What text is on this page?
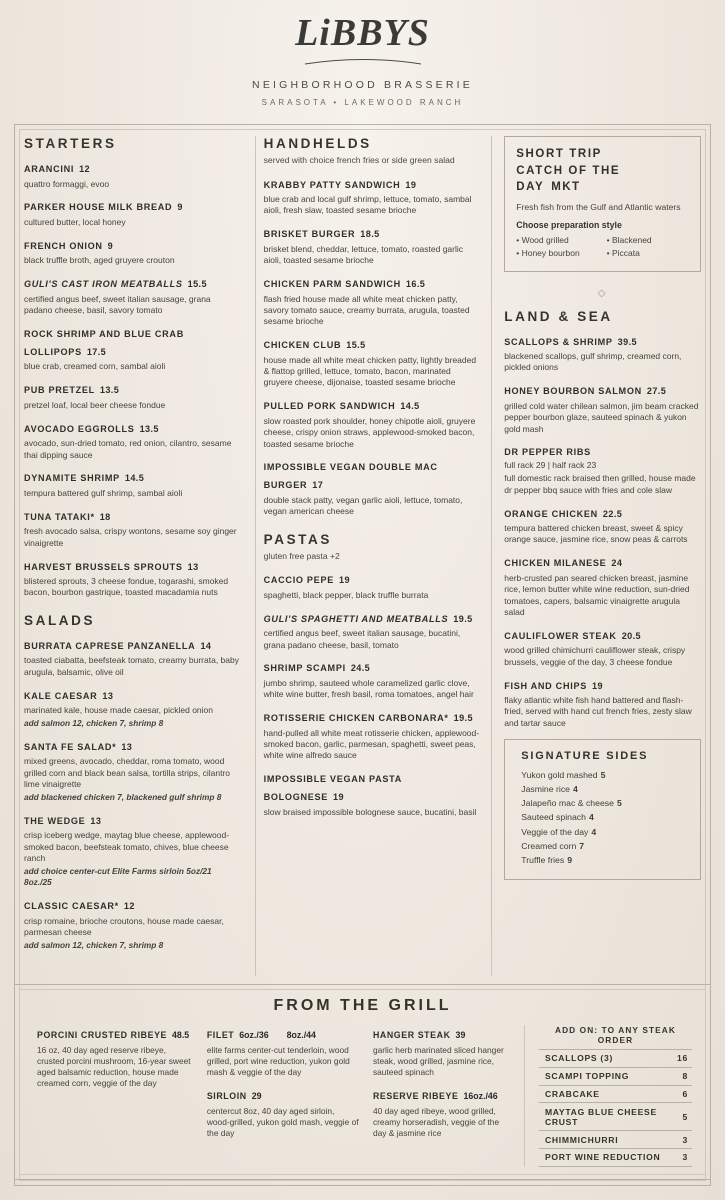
LiBBYS
NEIGHBORHOOD BRASSERIE
SARASOTA • LAKEWOOD RANCH
STARTERS
ARANCINI 12
quattro formaggi, evoo
PARKER HOUSE MILK BREAD 9
cultured butter, local honey
FRENCH ONION 9
black truffle broth, aged gruyere crouton
GULI'S CAST IRON MEATBALLS 15.5
certified angus beef, sweet italian sausage, grana padano cheese, basil, savory tomato
ROCK SHRIMP AND BLUE CRAB LOLLIPOPS 17.5
blue crab, creamed corn, sambal aioli
PUB PRETZEL 13.5
pretzel loaf, local beer cheese fondue
AVOCADO EGGROLLS 13.5
avocado, sun-dried tomato, red onion, cilantro, sesame thai dipping sauce
DYNAMITE SHRIMP 14.5
tempura battered gulf shrimp, sambal aioli
TUNA TATAKI* 18
fresh avocado salsa, crispy wontons, sesame soy ginger vinaigrette
HARVEST BRUSSELS SPROUTS 13
blistered sprouts, 3 cheese fondue, togarashi, smoked bacon, bourbon gastrique, toasted macadamia nuts
SALADS
BURRATA CAPRESE PANZANELLA 14
toasted ciabatta, beefsteak tomato, creamy burrata, baby arugula, balsamic, olive oil
KALE CAESAR 13
marinated kale, house made caesar, pickled onion
add salmon 12, chicken 7, shrimp 8
SANTA FE SALAD* 13
mixed greens, avocado, cheddar, roma tomato, wood grilled corn and black bean salsa, tortilla strips, cilantro lime vinaigrette
add blackened chicken 7, blackened gulf shrimp 8
THE WEDGE 13
crisp iceberg wedge, maytag blue cheese, applewood-smoked bacon, beefsteak tomato, chives, blue cheese ranch
add choice center-cut Elite Farms sirloin 5oz/21 8oz./25
CLASSIC CAESAR* 12
crisp romaine, brioche croutons, house made caesar, parmesan cheese
add salmon 12, chicken 7, shrimp 8
HANDHELDS
served with choice french fries or side green salad
KRABBY PATTY SANDWICH 19
blue crab and local gulf shrimp, lettuce, tomato, sambal aioli, fresh slaw, toasted sesame brioche
BRISKET BURGER 18.5
brisket blend, cheddar, lettuce, tomato, roasted garlic aioli, toasted sesame brioche
CHICKEN PARM SANDWICH 16.5
flash fried house made all white meat chicken patty, savory tomato sauce, creamy burrata, arugula, toasted sesame brioche
CHICKEN CLUB 15.5
house made all white meat chicken patty, lightly breaded & flattop grilled, lettuce, tomato, bacon, marinated gruyere cheese, dijonaise, toasted sesame brioche
PULLED PORK SANDWICH 14.5
slow roasted pork shoulder, honey chipotle aioli, gruyere cheese, crispy onion straws, applewood-smoked bacon, toasted sesame brioche
IMPOSSIBLE VEGAN DOUBLE MAC BURGER 17
double stack patty, vegan garlic aioli, lettuce, tomato, vegan american cheese
PASTAS
gluten free pasta +2
CACCIO PEPE 19
spaghetti, black pepper, black truffle burrata
GULI'S SPAGHETTI AND MEATBALLS 19.5
certified angus beef, sweet italian sausage, bucatini, grana padano cheese, basil, tomato
SHRIMP SCAMPI 24.5
jumbo shrimp, sauteed whole caramelized garlic clove, white wine butter, fresh basil, roma tomatoes, angel hair
ROTISSERIE CHICKEN CARBONARA* 19.5
hand-pulled all white meat rotisserie chicken, applewood-smoked bacon, garlic, parmesan, spaghetti, sweet peas, white wine alfredo sauce
IMPOSSIBLE VEGAN PASTA BOLOGNESE 19
slow braised impossible bolognese sauce, bucatini, basil
SHORT TRIP
CATCH OF THE DAY MKT
Fresh fish from the Gulf and Atlantic waters
Choose preparation style
• Wood grilled
• Honey bourbon
• Blackened
• Piccata
◇
LAND & SEA
SCALLOPS & SHRIMP 39.5
blackened scallops, gulf shrimp, creamed corn, pickled onions
HONEY BOURBON SALMON 27.5
grilled cold water chilean salmon, jim beam cracked pepper bourbon glaze, sauteed spinach & yukon gold mash
DR PEPPER RIBS
full rack 29 | half rack 23
full domestic rack braised then grilled, house made dr pepper bbq sauce with fries and cole slaw
ORANGE CHICKEN 22.5
tempura battered chicken breast, sweet & spicy orange sauce, jasmine rice, snow peas & carrots
CHICKEN MILANESE 24
herb-crusted pan seared chicken breast, jasmine rice, lemon butter white wine reduction, sun-dried tomatoes, capers, balsamic vinaigrette arugula salad
CAULIFLOWER STEAK 20.5
wood grilled chimichurri cauliflower steak, crispy brussels, veggie of the day, 3 cheese fondue
FISH AND CHIPS 19
flaky atlantic white fish hand battered and flash-fried, served with hand cut french fries, zesty slaw and tartar sauce
SIGNATURE SIDES
Yukon gold mashed 5
Jasmine rice 4
Jalapeño mac & cheese 5
Sauteed spinach 4
Veggie of the day 4
Creamed corn 7
Truffle fries 9
FROM THE GRILL
PORCINI CRUSTED RIBEYE 48.5
16 oz, 40 day aged reserve ribeye, crusted porcini mushroom, 16-year sweet aged balsamic reduction, house made creamed corn, veggie of the day
FILET 6oz./36 8oz./44
elite farms center-cut tenderloin, wood grilled, port wine reduction, yukon gold mash & veggie of the day
SIRLOIN 29
centercut 8oz, 40 day aged sirloin, wood-grilled, yukon gold mash, veggie of the day
HANGER STEAK 39
garlic herb marinated sliced hanger steak, wood grilled, jasmine rice, sauteed spinach
RESERVE RIBEYE 16oz./46
40 day aged ribeye, wood grilled, creamy horseradish, veggie of the day & jasmine rice
ADD ON: TO ANY STEAK ORDER
SCALLOPS (3)	16
SCAMPI TOPPING	8
CRABCAKE	6
MAYTAG BLUE CHEESE CRUST	5
CHIMMICHURRI	3
PORT WINE REDUCTION	3
